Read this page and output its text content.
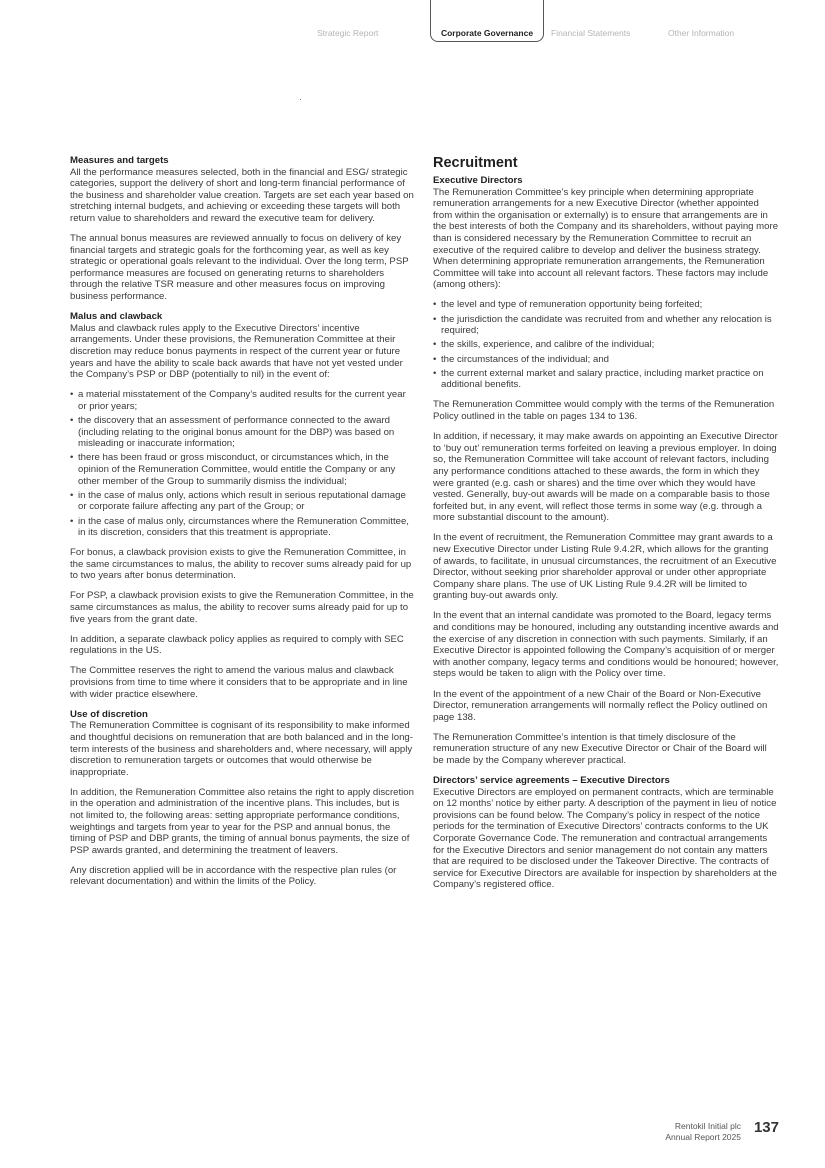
Strategic Report	Corporate Governance	Financial Statements	Other Information
Measures and targets

All the performance measures selected, both in the financial and ESG/ strategic categories, support the delivery of short and long-term financial performance of the business and shareholder value creation. Targets are set each year based on stretching internal budgets, and achieving or exceeding these targets will both return value to shareholders and reward the executive team for delivery.

The annual bonus measures are reviewed annually to focus on delivery of key financial targets and strategic goals for the forthcoming year, as well as key strategic or operational goals relevant to the individual. Over the long term, PSP performance measures are focused on generating returns to shareholders through the relative TSR measure and other measures focus on improving business performance.

Malus and clawback

Malus and clawback rules apply to the Executive Directors’ incentive arrangements. Under these provisions, the Remuneration Committee at their discretion may reduce bonus payments in respect of the current year or future years and have the ability to scale back awards that have not yet vested under the Company’s PSP or DBP (potentially to nil) in the event of:

• a material misstatement of the Company’s audited results for the current year or prior years;
• the discovery that an assessment of performance connected to the award (including relating to the original bonus amount for the DBP) was based on misleading or inaccurate information;
• there has been fraud or gross misconduct, or circumstances which, in the opinion of the Remuneration Committee, would entitle the Company or any other member of the Group to summarily dismiss the individual;
• in the case of malus only, actions which result in serious reputational damage or corporate failure affecting any part of the Group; or
• in the case of malus only, circumstances where the Remuneration Committee, in its discretion, considers that this treatment is appropriate.

For bonus, a clawback provision exists to give the Remuneration Committee, in the same circumstances to malus, the ability to recover sums already paid for up to two years after bonus determination.

For PSP, a clawback provision exists to give the Remuneration Committee, in the same circumstances as malus, the ability to recover sums already paid for up to five years from the grant date.

In addition, a separate clawback policy applies as required to comply with SEC regulations in the US.

The Committee reserves the right to amend the various malus and clawback provisions from time to time where it considers that to be appropriate and in line with wider practice elsewhere.

Use of discretion

The Remuneration Committee is cognisant of its responsibility to make informed and thoughtful decisions on remuneration that are both balanced and in the long-term interests of the business and shareholders and, where necessary, will apply discretion to remuneration targets or outcomes that would otherwise be inappropriate.

In addition, the Remuneration Committee also retains the right to apply discretion in the operation and administration of the incentive plans. This includes, but is not limited to, the following areas: setting appropriate performance conditions, weightings and targets from year to year for the PSP and annual bonus, the timing of PSP and DBP grants, the timing of annual bonus payments, the size of PSP awards granted, and determining the treatment of leavers.

Any discretion applied will be in accordance with the respective plan rules (or relevant documentation) and within the limits of the Policy.

Recruitment
Executive Directors

The Remuneration Committee’s key principle when determining appropriate remuneration arrangements for a new Executive Director (whether appointed from within the organisation or externally) is to ensure that arrangements are in the best interests of both the Company and its shareholders, without paying more than is considered necessary by the Remuneration Committee to recruit an executive of the required calibre to develop and deliver the business strategy. When determining appropriate remuneration arrangements, the Remuneration Committee will take into account all relevant factors. These factors may include (among others):

• the level and type of remuneration opportunity being forfeited;
• the jurisdiction the candidate was recruited from and whether any relocation is required;
• the skills, experience, and calibre of the individual;
• the circumstances of the individual; and
• the current external market and salary practice, including market practice on additional benefits.

The Remuneration Committee would comply with the terms of the Remuneration Policy outlined in the table on pages 134 to 136.

In addition, if necessary, it may make awards on appointing an Executive Director to ‘buy out’ remuneration terms forfeited on leaving a previous employer. In doing so, the Remuneration Committee will take account of relevant factors, including any performance conditions attached to these awards, the form in which they were granted (e.g. cash or shares) and the time over which they would have vested. Generally, buy-out awards will be made on a comparable basis to those forfeited but, in any event, will reflect those terms in some way (e.g. through a more substantial discount to the amount).

In the event of recruitment, the Remuneration Committee may grant awards to a new Executive Director under Listing Rule 9.4.2R, which allows for the granting of awards, to facilitate, in unusual circumstances, the recruitment of an Executive Director, without seeking prior shareholder approval or under other appropriate Company share plans. The use of UK Listing Rule 9.4.2R will be limited to granting buy-out awards only.

In the event that an internal candidate was promoted to the Board, legacy terms and conditions may be honoured, including any outstanding incentive awards and the exercise of any discretion in connection with such payments. Similarly, if an Executive Director is appointed following the Company’s acquisition of or merger with another company, legacy terms and conditions would be honoured; however, steps would be taken to align with the Policy over time.

In the event of the appointment of a new Chair of the Board or Non-Executive Director, remuneration arrangements will normally reflect the Policy outlined on page 138.

The Remuneration Committee’s intention is that timely disclosure of the remuneration structure of any new Executive Director or Chair of the Board will be made by the Company wherever practical.

Directors’ service agreements – Executive Directors

Executive Directors are employed on permanent contracts, which are terminable on 12 months’ notice by either party. A description of the payment in lieu of notice provisions can be found below. The Company’s policy in respect of the notice periods for the termination of Executive Directors’ contracts conforms to the UK Corporate Governance Code. The remuneration and contractual arrangements for the Executive Directors and senior management do not contain any matters that are required to be disclosed under the Takeover Directive. The contracts of service for Executive Directors are available for inspection by shareholders at the Company’s registered office.

Rentokil Initial plc
Annual Report 2025
137
